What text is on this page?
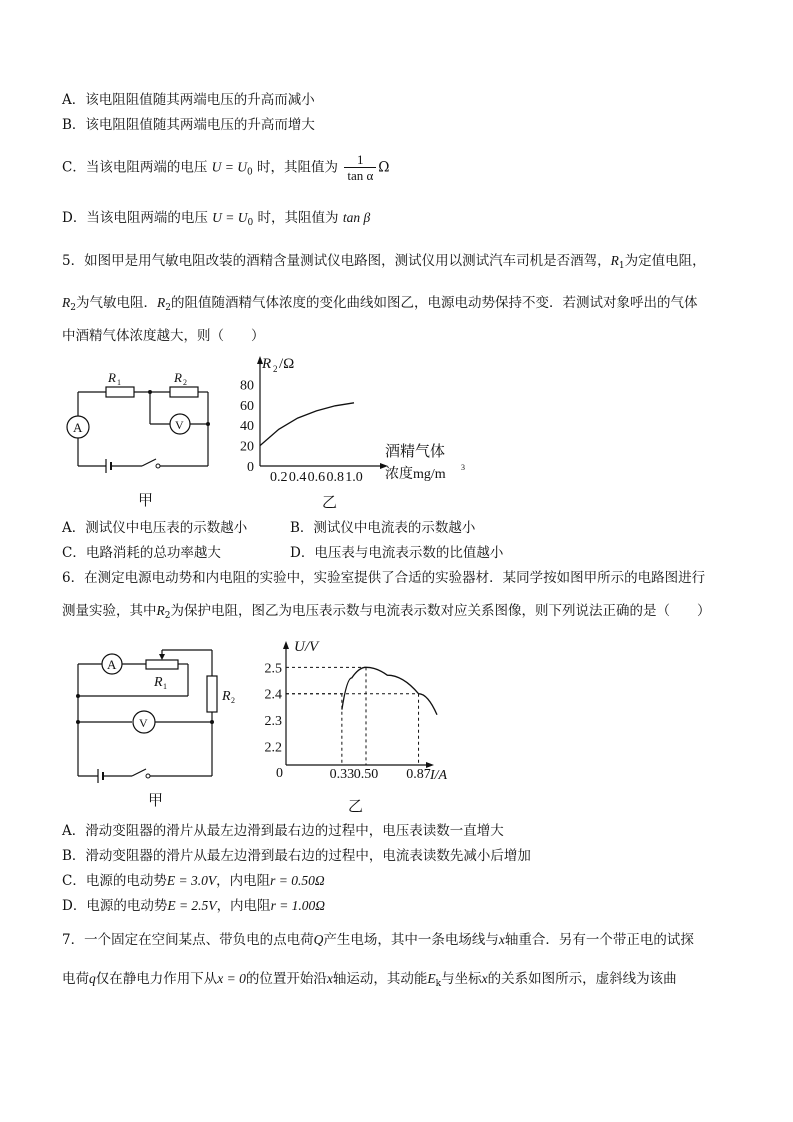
A．该电阻阻值随其两端电压的升高而减小
B．该电阻阻值随其两端电压的升高而增大
C．当该电阻两端的电压 $U = U_0$ 时，其阻值为 $\frac{1}{\text{tan α}}$ Ω
D．当该电阻两端的电压 $U = U_0$ 时，其阻值为 tan β
5．如图甲是用气敏电阻改装的酒精含量测试仪电路图，测试仪用以测试汽车司机是否酒驾，$R_1$为定值电阻，
$R_2$为气敏电阻．$R_2$的阻值随酒精气体浓度的变化曲线如图乙，电源电动势保持不变．若测试对象呼出的气体
中酒精气体浓度越大，则（　　）
R 1	R 2
A	V
甲
R 2 /Ω
0
20
40
60
80
0.2 0.4 0.6 0.8 1.0
酒精气体
浓度mg/m 3
乙
A．测试仪中电压表的示数越小	B．测试仪中电流表的示数越小
C．电路消耗的总功率越大	D．电压表与电流表示数的比值越小
6．在测定电源电动势和内电阻的实验中，实验室提供了合适的实验器材．某同学按如图甲所示的电路图进行
测量实验，其中$R_2$为保护电阻，图乙为电压表示数与电流表示数对应关系图像，则下列说法正确的是（　　）
A
V
R 1
R 2
甲
U/V
I/A
0
2.2
2.3
2.4
2.5
0.33 0.50 0.87
乙
A．滑动变阻器的滑片从最左边滑到最右边的过程中，电压表读数一直增大
B．滑动变阻器的滑片从最左边滑到最右边的过程中，电流表读数先减小后增加
C．电源的电动势E = 3.0V，内电阻r = 0.50Ω
D．电源的电动势E = 2.5V，内电阻r = 1.00Ω
7．一个固定在空间某点、带负电的点电荷Q产生电场，其中一条电场线与x轴重合．另有一个带正电的试探
电荷q仅在静电力作用下从x = 0的位置开始沿x轴运动，其动能$E_k$与坐标x的关系如图所示，虚斜线为该曲
